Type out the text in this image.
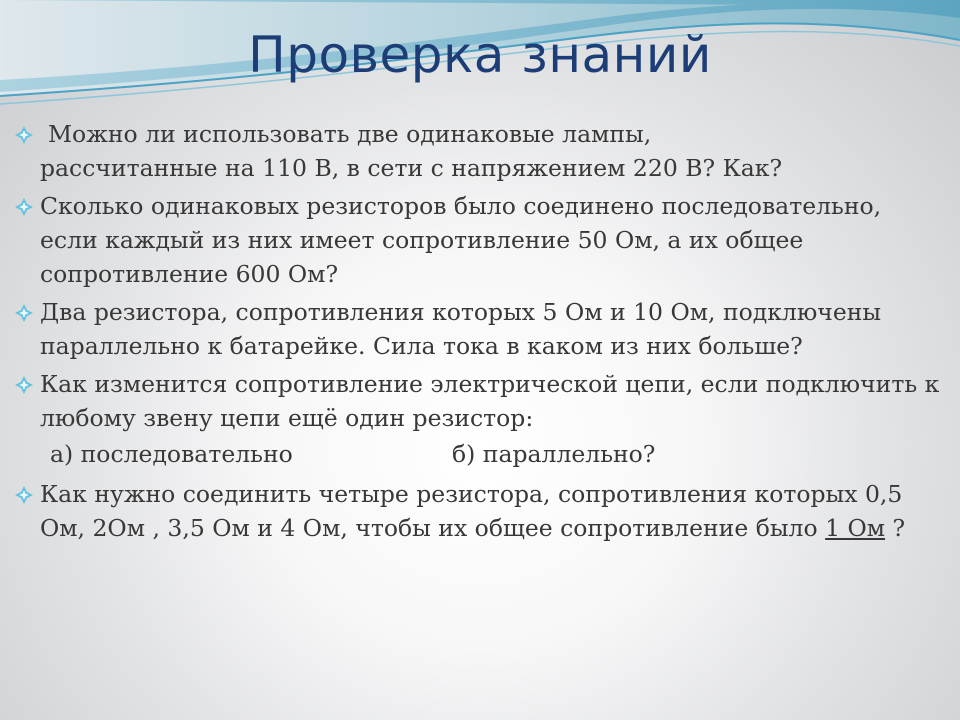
Проверка знаний
Можно ли использовать две одинаковые лампы,
рассчитанные на 110 В, в сети с напряжением 220 В? Как?
Сколько одинаковых резисторов было соединено последовательно, если каждый из них имеет сопротивление 50 Ом, а их общее сопротивление 600 Ом?
Два резистора, сопротивления которых 5 Ом и 10 Ом, подключены параллельно к батарейке. Сила тока в каком из них больше?
Как изменится сопротивление электрической цепи, если подключить к любому звену цепи ещё один резистор:
а) последовательно	б) параллельно?
Как нужно соединить четыре резистора, сопротивления которых 0,5 Ом, 2Ом , 3,5 Ом и 4 Ом, чтобы их общее сопротивление было 1 Ом ?
